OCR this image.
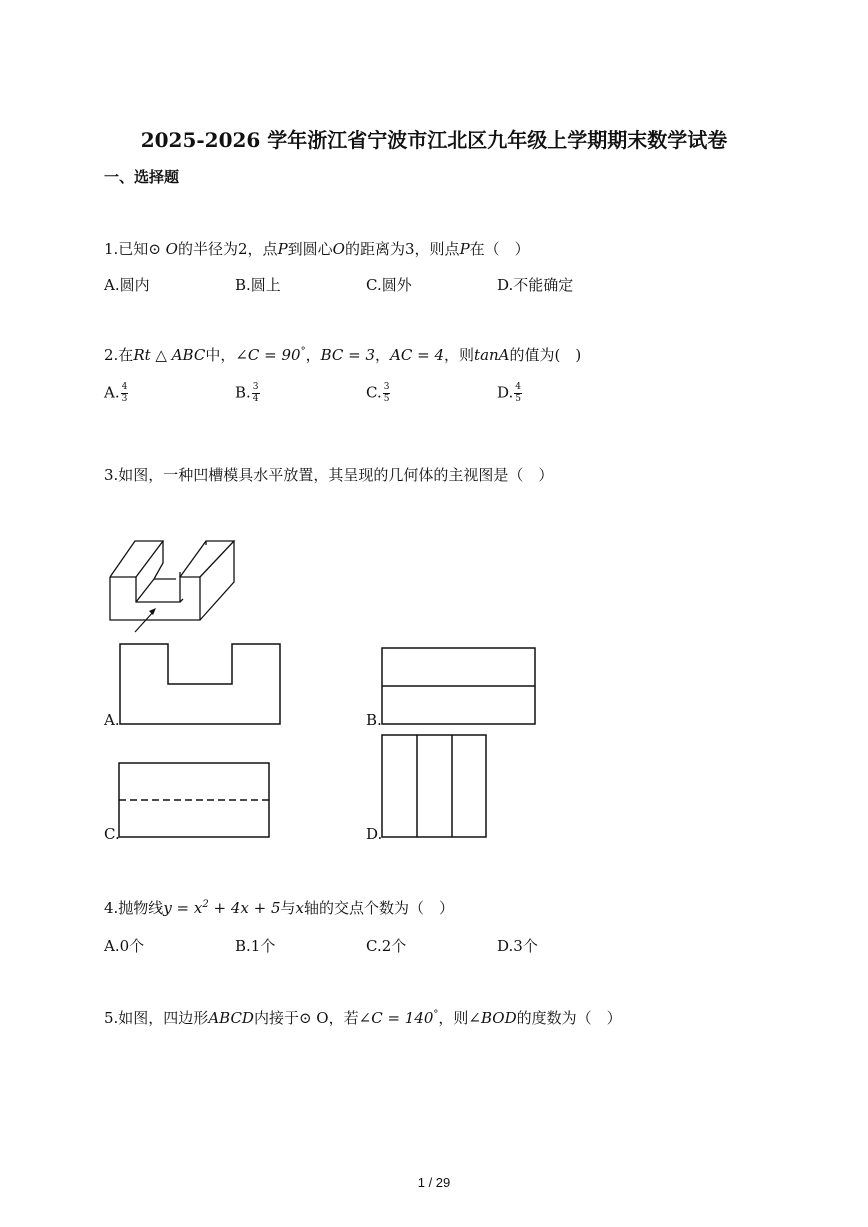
2025-2026 学年浙江省宁波市江北区九年级上学期期末数学试卷
一、选择题
1.已知⊙ O的半径为2，点P到圆心O的距离为3，则点P在（　）
A.圆内	B.圆上	C.圆外	D.不能确定
2.在Rt △ ABC中，∠C = 90°，BC = 3，AC = 4，则tanA的值为(　)
A. $\frac{4}{3}$	B. $\frac{3}{4}$	C. $\frac{3}{5}$	D. $\frac{4}{5}$
3.如图，一种凹槽模具水平放置，其呈现的几何体的主视图是（　）
A.	B.
C.	D.
4.抛物线$y = x^2 + 4x + 5$与x轴的交点个数为（　）
A.0个	B.1个	C.2个	D.3个
5.如图，四边形ABCD内接于⊙ O，若∠C = 140°，则∠BOD的度数为（　）
1 / 29
